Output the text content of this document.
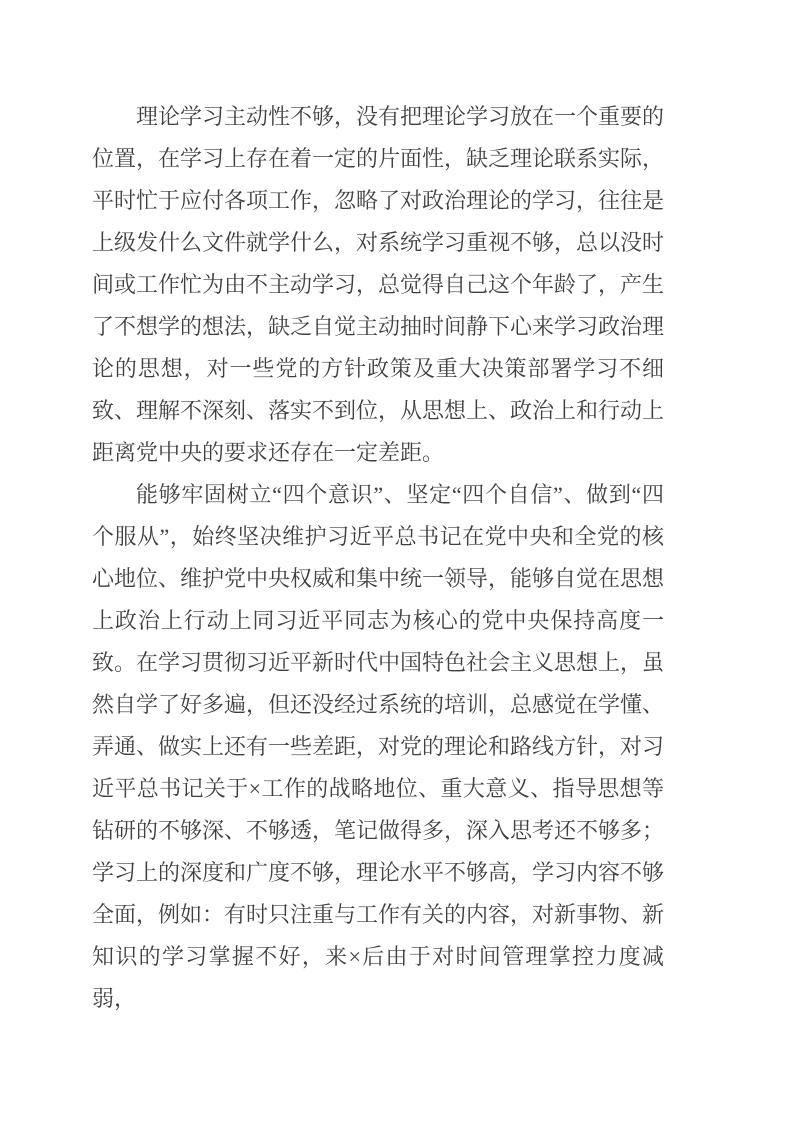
理论学习主动性不够，没有把理论学习放在一个重要的位置，在学习上存在着一定的片面性，缺乏理论联系实际，平时忙于应付各项工作，忽略了对政治理论的学习，往往是上级发什么文件就学什么，对系统学习重视不够，总以没时间或工作忙为由不主动学习，总觉得自己这个年龄了，产生了不想学的想法，缺乏自觉主动抽时间静下心来学习政治理论的思想，对一些党的方针政策及重大决策部署学习不细致、理解不深刻、落实不到位，从思想上、政治上和行动上距离党中央的要求还存在一定差距。

能够牢固树立“四个意识”、坚定“四个自信”、做到“四个服从”，始终坚决维护习近平总书记在党中央和全党的核心地位、维护党中央权威和集中统一领导，能够自觉在思想上政治上行动上同习近平同志为核心的党中央保持高度一致。在学习贯彻习近平新时代中国特色社会主义思想上，虽然自学了好多遍，但还没经过系统的培训，总感觉在学懂、弄通、做实上还有一些差距，对党的理论和路线方针，对习近平总书记关于×工作的战略地位、重大意义、指导思想等钻研的不够深、不够透，笔记做得多，深入思考还不够多；学习上的深度和广度不够，理论水平不够高，学习内容不够全面，例如：有时只注重与工作有关的内容，对新事物、新知识的学习掌握不好，来×后由于对时间管理掌控力度减弱，
